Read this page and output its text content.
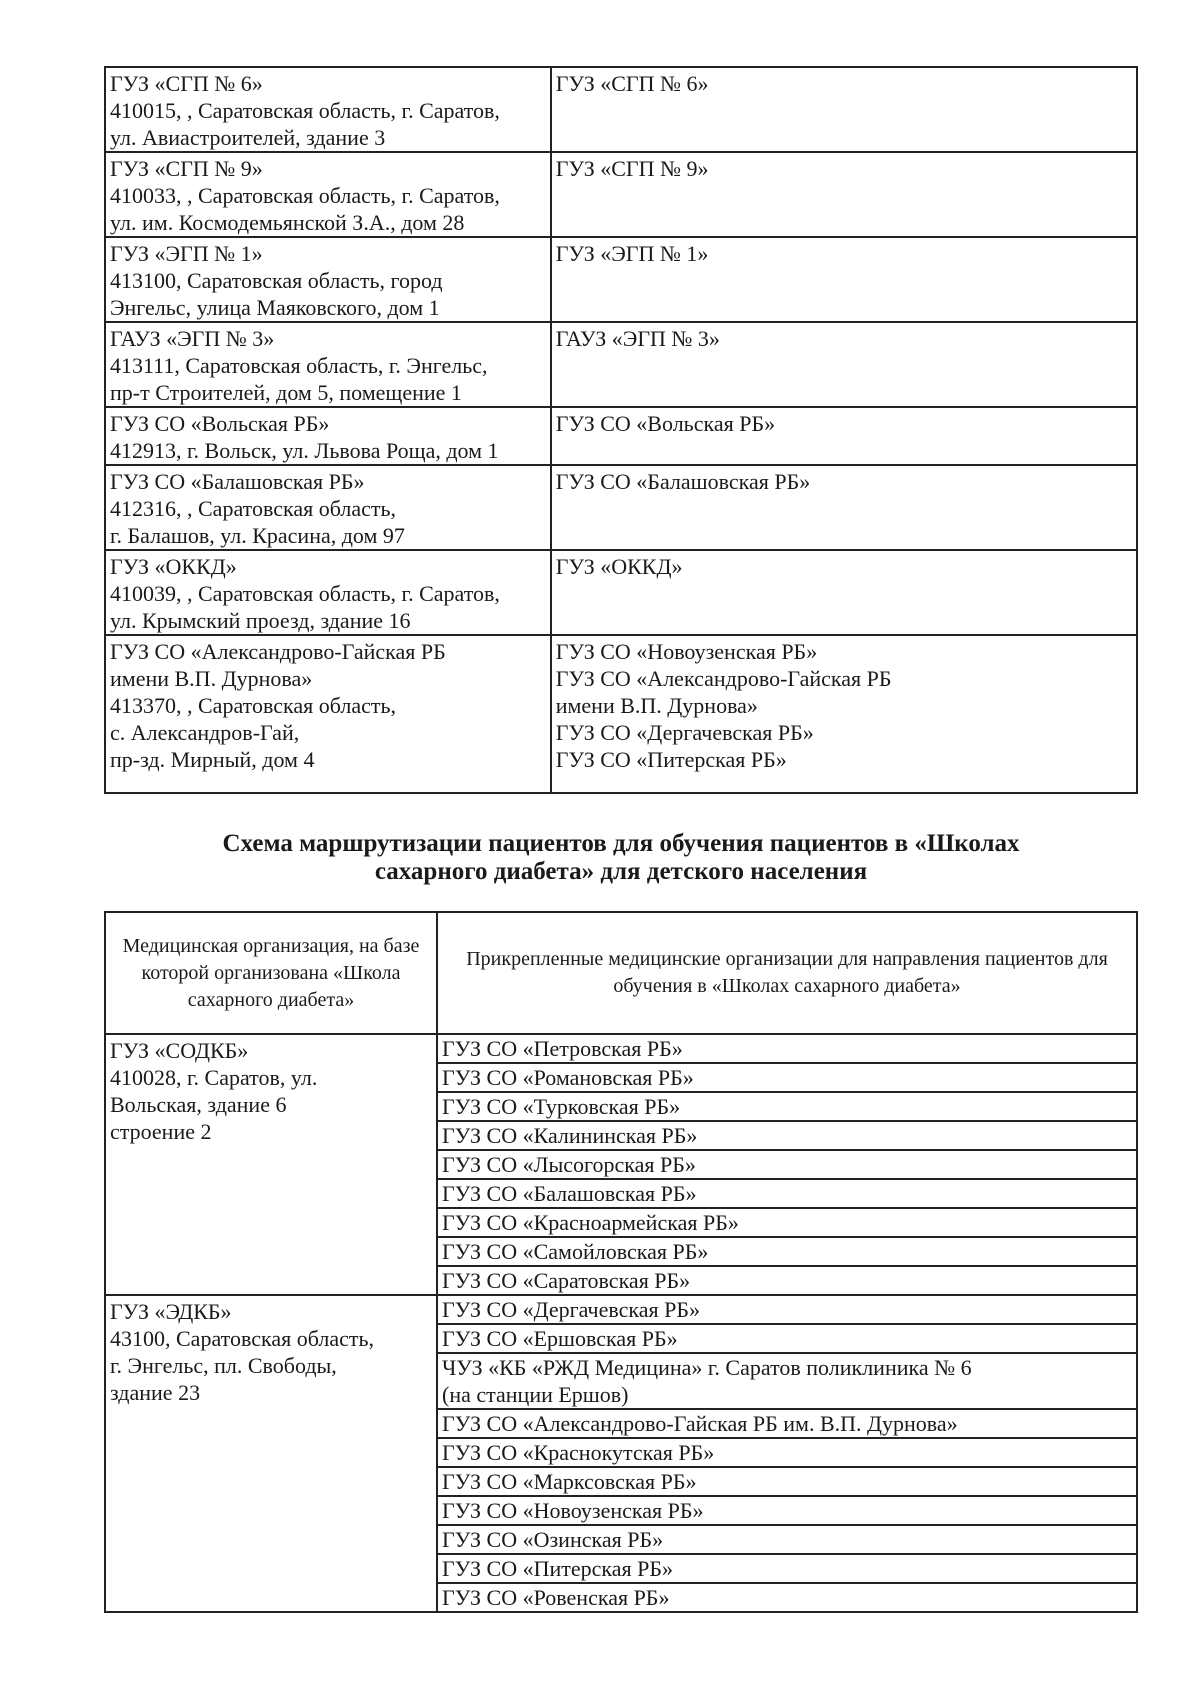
ГУЗ «СГП № 6»
410015, , Саратовская область, г. Саратов,
ул. Авиастроителей, здание 3	ГУЗ «СГП № 6»

ГУЗ «СГП № 9»
410033, , Саратовская область, г. Саратов,
ул. им. Космодемьянской З.А., дом 28	ГУЗ «СГП № 9»

ГУЗ «ЭГП № 1»
413100, Саратовская область, город
Энгельс, улица Маяковского, дом 1	ГУЗ «ЭГП № 1»

ГАУЗ «ЭГП № 3»
413111, Саратовская область, г. Энгельс,
пр-т Строителей, дом 5, помещение 1	ГАУЗ «ЭГП № 3»

ГУЗ СО «Вольская РБ»
412913, г. Вольск, ул. Львова Роща, дом 1	ГУЗ СО «Вольская РБ»

ГУЗ СО «Балашовская РБ»
412316, , Саратовская область,
г. Балашов, ул. Красина, дом 97	ГУЗ СО «Балашовская РБ»

ГУЗ «ОККД»
410039, , Саратовская область, г. Саратов,
ул. Крымский проезд, здание 16	ГУЗ «ОККД»

ГУЗ СО «Александрово-Гайская РБ
имени В.П. Дурнова»
413370, , Саратовская область,
с. Александров-Гай,
пр-зд. Мирный, дом 4	ГУЗ СО «Новоузенская РБ»
ГУЗ СО «Александрово-Гайская РБ
имени В.П. Дурнова»
ГУЗ СО «Дергачевская РБ»
ГУЗ СО «Питерская РБ»
Схема маршрутизации пациентов для обучения пациентов в «Школах
сахарного диабета» для детского населения
Медицинская организация, на базе которой организована «Школа сахарного диабета»	Прикрепленные медицинские организации для направления пациентов для обучения в «Школах сахарного диабета»

ГУЗ «СОДКБ»
410028, г. Саратов, ул.
Вольская, здание 6
строение 2	ГУЗ СО «Петровская РБ»

	ГУЗ СО «Романовская РБ»

	ГУЗ СО «Турковская РБ»

	ГУЗ СО «Калининская РБ»

	ГУЗ СО «Лысогорская РБ»

	ГУЗ СО «Балашовская РБ»

	ГУЗ СО «Красноармейская РБ»

	ГУЗ СО «Самойловская РБ»

	ГУЗ СО «Саратовская РБ»

ГУЗ «ЭДКБ»
43100, Саратовская область,
г. Энгельс, пл. Свободы,
здание 23	ГУЗ СО «Дергачевская РБ»

	ГУЗ СО «Ершовская РБ»

	ЧУЗ «КБ «РЖД Медицина» г. Саратов поликлиника № 6
(на станции Ершов)

	ГУЗ СО «Александрово-Гайская РБ им. В.П. Дурнова»

	ГУЗ СО «Краснокутская РБ»

	ГУЗ СО «Марксовская РБ»

	ГУЗ СО «Новоузенская РБ»

	ГУЗ СО «Озинская РБ»

	ГУЗ СО «Питерская РБ»

	ГУЗ СО «Ровенская РБ»
